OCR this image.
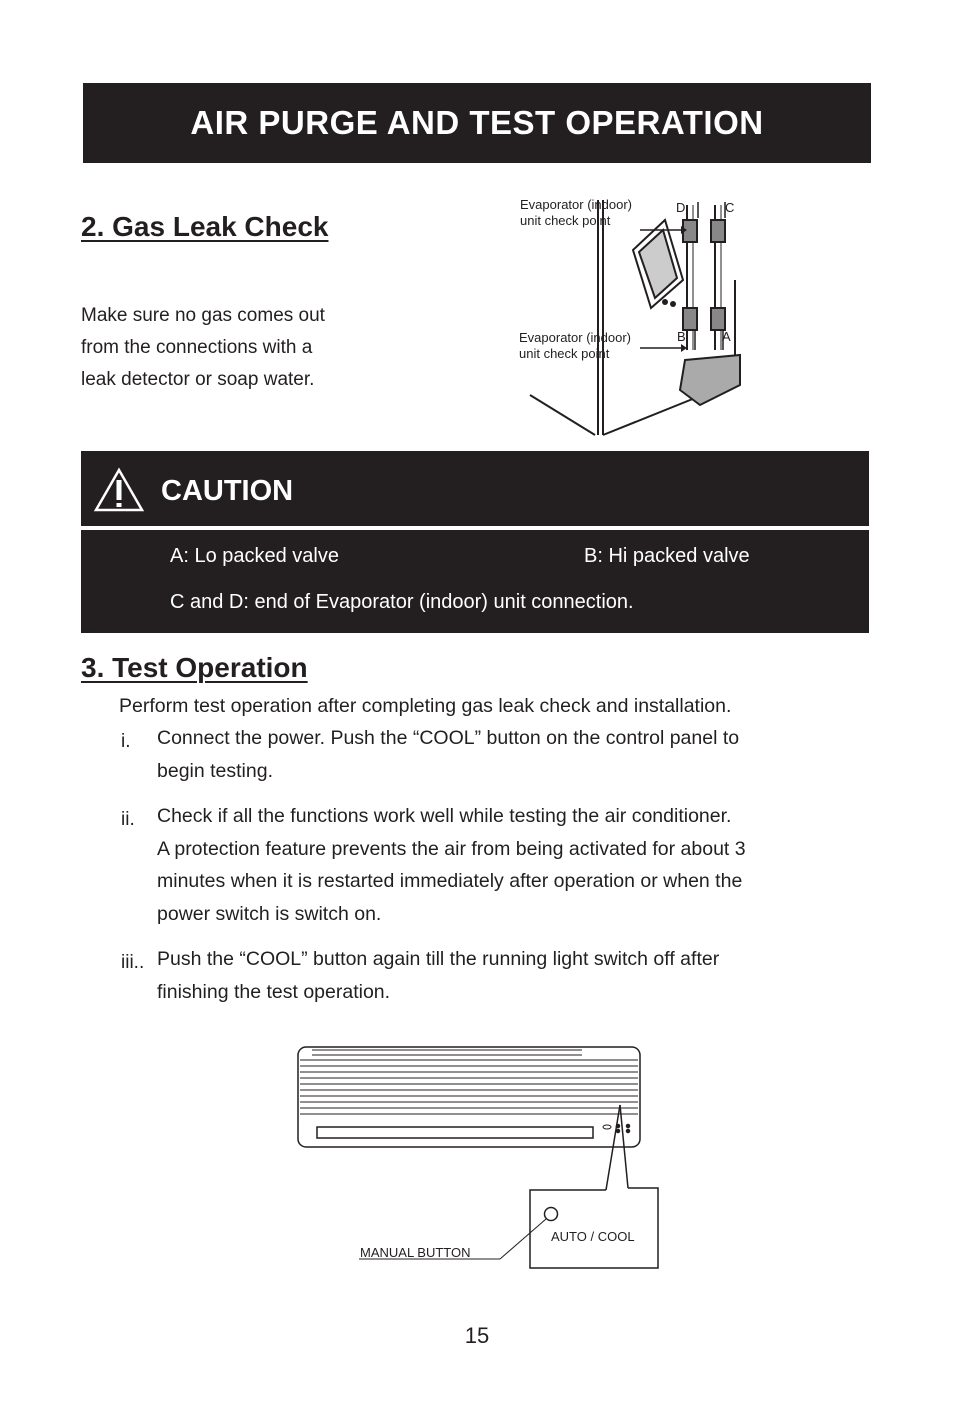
AIR PURGE AND TEST OPERATION
2. Gas Leak Check

Make sure no gas comes out

from the connections with a

leak detector or soap water.

Evaporator (indoor)
unit check point
Evaporator (indoor)
unit check point
D	C
B	A
CAUTION
A: Lo packed valve	B: Hi packed valve
C and D: end of Evaporator (indoor) unit connection.
3. Test Operation
Perform test operation after completing gas leak check and installation.
i. Connect the power. Push the “COOL” button on the control panel to

begin testing.

ii. Check if all the functions work well while testing the air conditioner.

A protection feature prevents the air from being activated for about 3

minutes when it is restarted immediately after operation or when the

power switch is switch on.

iii.. Push the “COOL” button again till the running light switch off after

finishing the test operation.

MANUAL BUTTON
AUTO / COOL
15
